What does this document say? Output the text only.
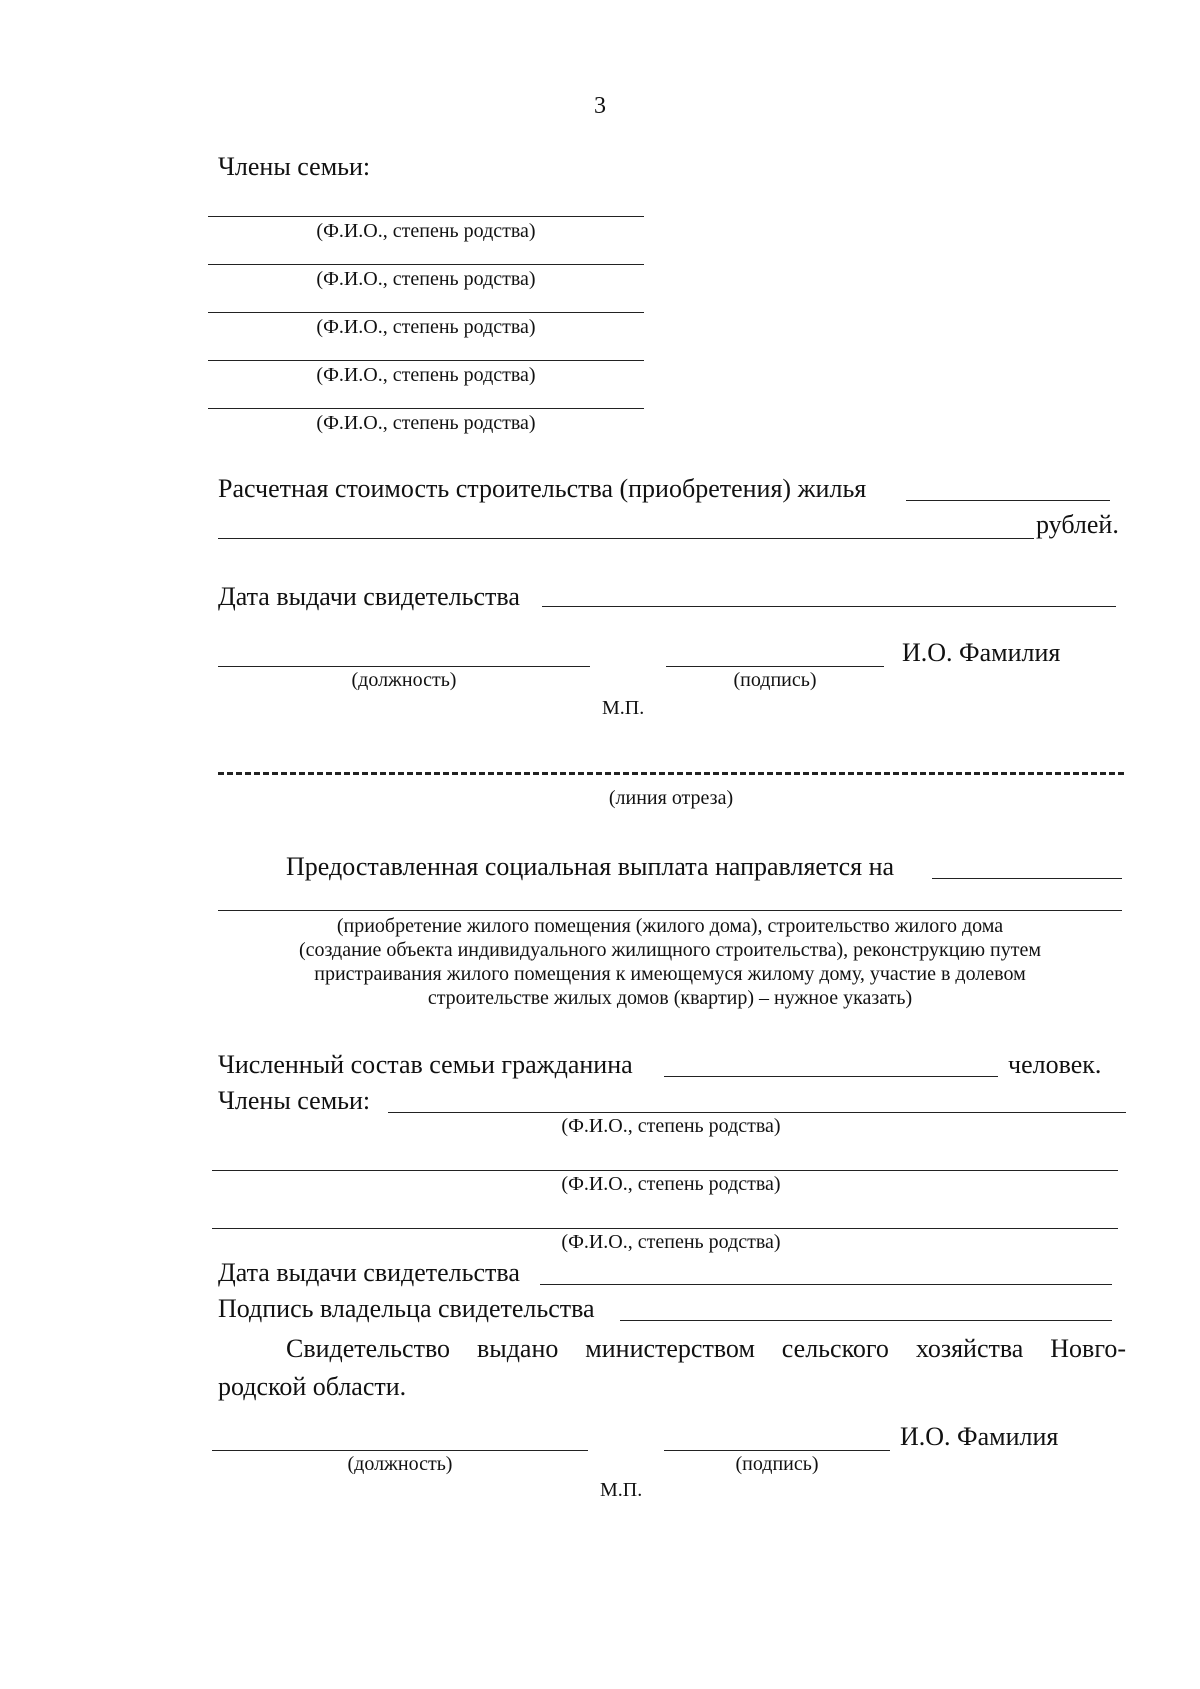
3
Члены семьи:
(Ф.И.О., степень родства)
(Ф.И.О., степень родства)
(Ф.И.О., степень родства)
(Ф.И.О., степень родства)
(Ф.И.О., степень родства)
Расчетная стоимость строительства (приобретения) жилья
рублей.
Дата выдачи свидетельства
(должность)	(подпись)
И.О. Фамилия
М.П.
(линия отреза)
Предоставленная социальная выплата направляется на
(приобретение жилого помещения (жилого дома), строительство жилого дома
(создание объекта индивидуального жилищного строительства), реконструкцию путем
пристраивания жилого помещения к имеющемуся жилому дому, участие в долевом
строительстве жилых домов (квартир) – нужное указать)
Численный состав семьи гражданина	человек.
Члены семьи:
(Ф.И.О., степень родства)
(Ф.И.О., степень родства)
(Ф.И.О., степень родства)
Дата выдачи свидетельства
Подпись владельца свидетельства
Свидетельство выдано министерством сельского хозяйства Новго-
родской области.
(должность)	(подпись)
И.О. Фамилия
М.П.
